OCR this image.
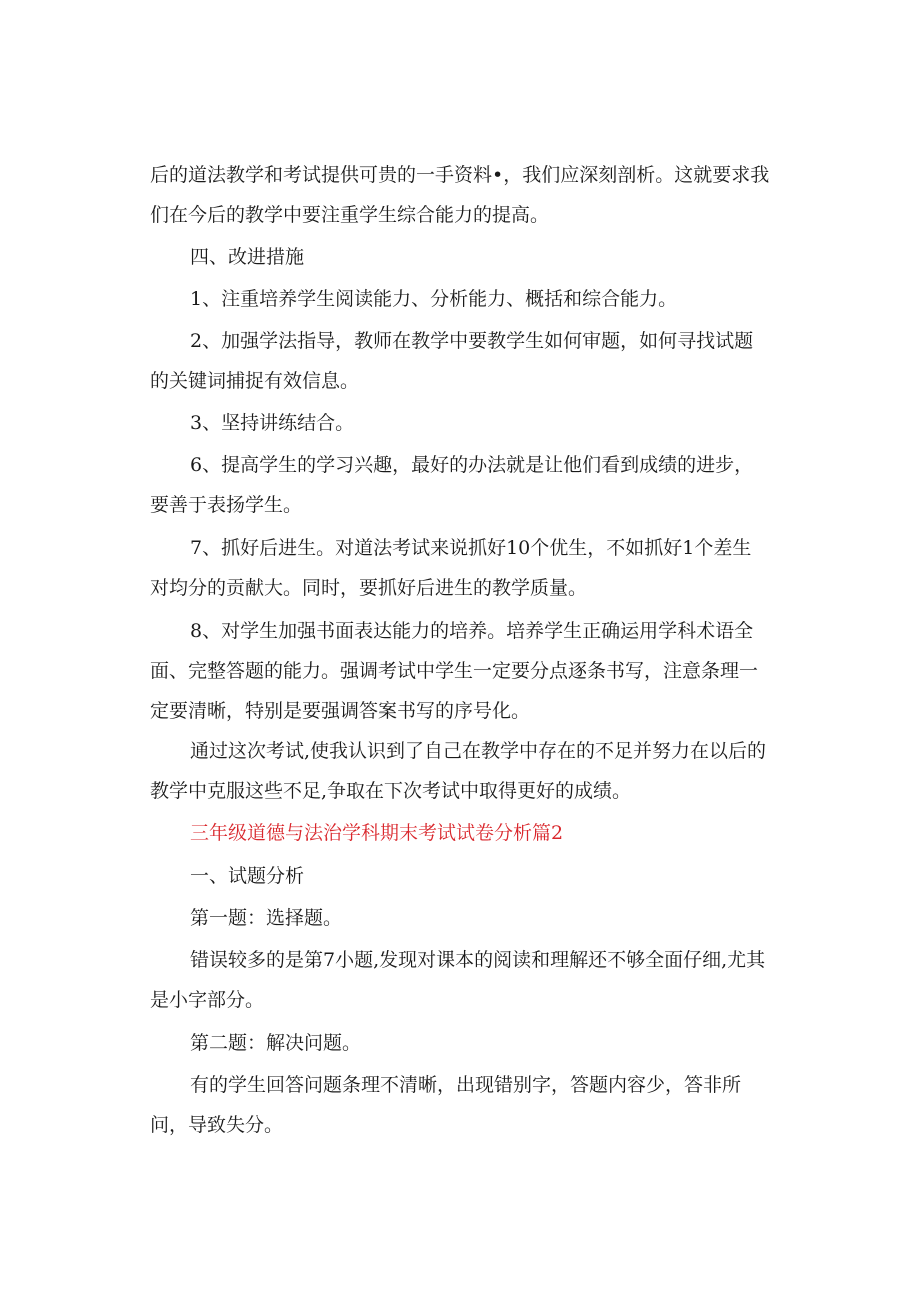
后的道法教学和考试提供可贵的一手资料•，我们应深刻剖析。这就要求我们在今后的教学中要注重学生综合能力的提高。

四、改进措施

1、注重培养学生阅读能力、分析能力、概括和综合能力。

2、加强学法指导，教师在教学中要教学生如何审题，如何寻找试题的关键词捕捉有效信息。

3、坚持讲练结合。

6、提高学生的学习兴趣，最好的办法就是让他们看到成绩的进步，要善于表扬学生。

7、抓好后进生。对道法考试来说抓好10个优生，不如抓好1个差生对均分的贡献大。同时，要抓好后进生的教学质量。

8、对学生加强书面表达能力的培养。培养学生正确运用学科术语全面、完整答题的能力。强调考试中学生一定要分点逐条书写，注意条理一定要清晰，特别是要强调答案书写的序号化。

通过这次考试,使我认识到了自己在教学中存在的不足并努力在以后的教学中克服这些不足,争取在下次考试中取得更好的成绩。

三年级道德与法治学科期末考试试卷分析篇2

一、试题分析

第一题：选择题。

错误较多的是第7小题,发现对课本的阅读和理解还不够全面仔细,尤其是小字部分。

第二题：解决问题。

有的学生回答问题条理不清晰，出现错别字，答题内容少，答非所问，导致失分。
